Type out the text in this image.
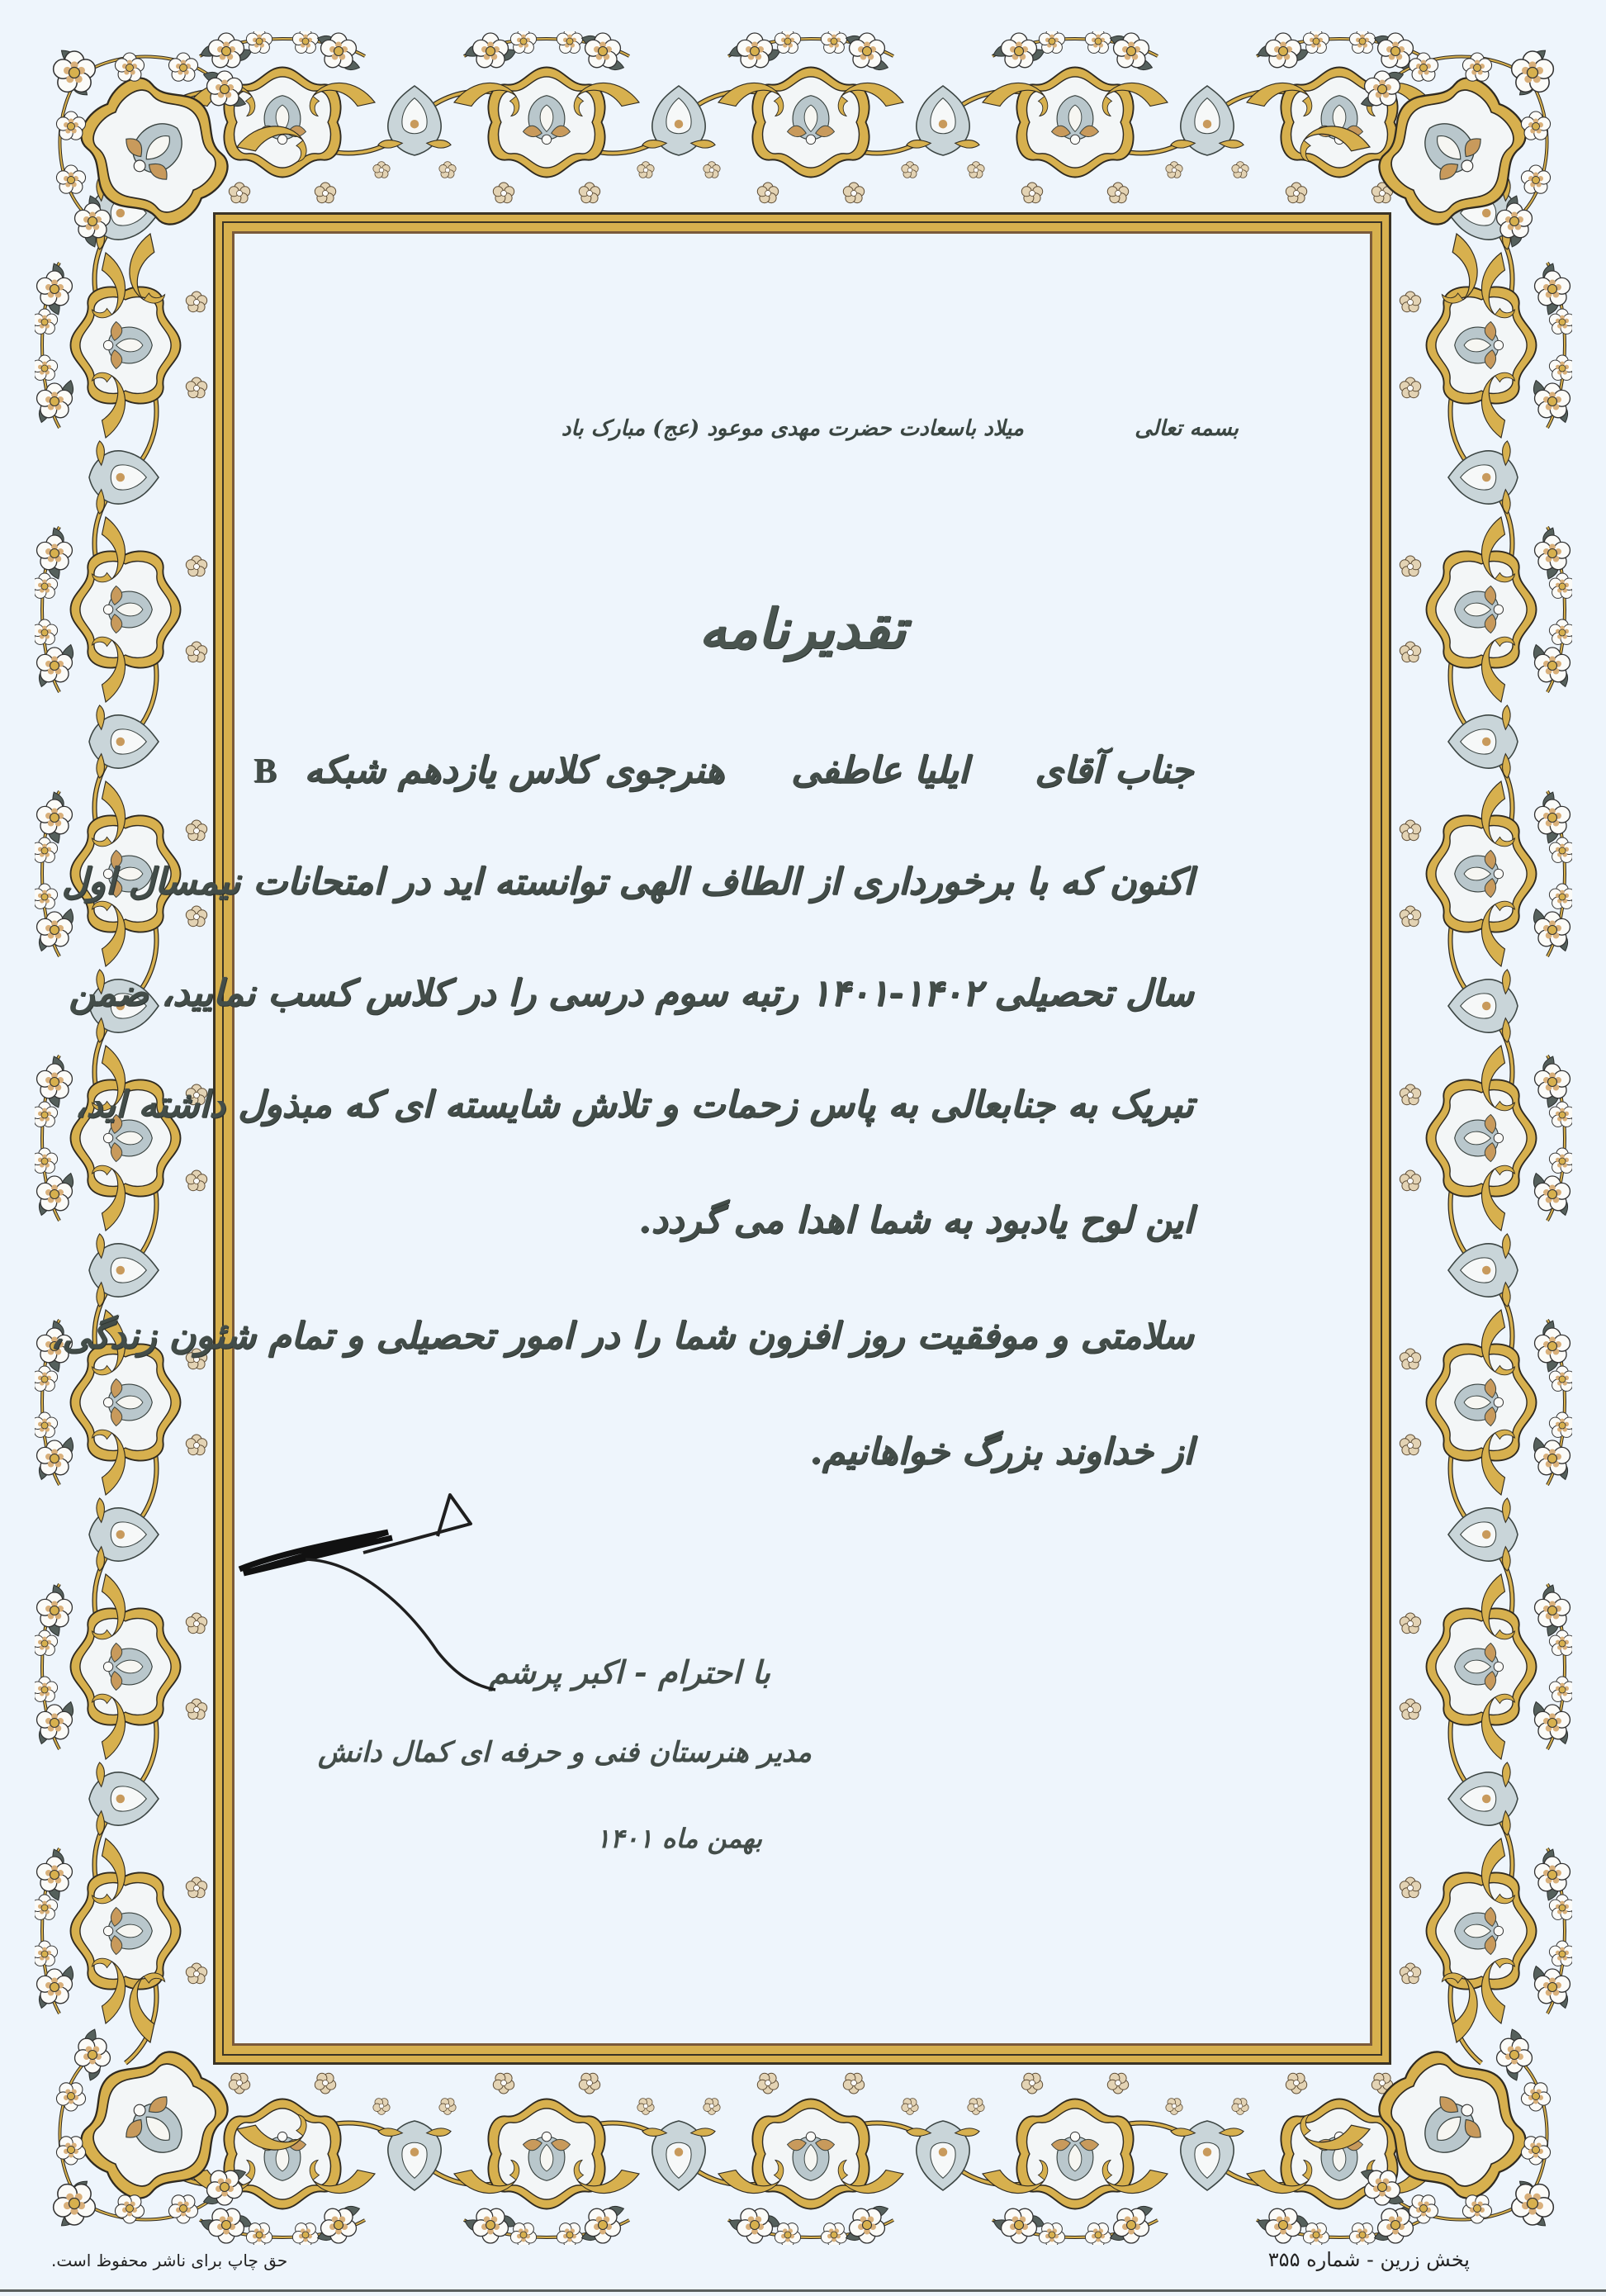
بسمه تعالی
میلاد باسعادت حضرت مهدی موعود (عج) مبارک باد
تقدیرنامه
جناب آقای  ایلیا عاطفی  هنرجوی کلاس یازدهم شبکه B
اکنون که با برخورداری از الطاف الهی توانسته اید در امتحانات نیمسال اول
سال تحصیلی ۱۴۰۲-۱۴۰۱ رتبه سوم درسی را در کلاس کسب نمایید، ضمن
تبریک به جنابعالی به پاس زحمات و تلاش شایسته ای که مبذول داشته اید،
این لوح یادبود به شما اهدا می گردد.
سلامتی و موفقیت روز افزون شما را در امور تحصیلی و تمام شئون زندگی،
از خداوند بزرگ خواهانیم.
با احترام - اکبر پرشم
مدیر هنرستان فنی و حرفه ای کمال دانش
بهمن ماه ۱۴۰۱
حق چاپ برای ناشر محفوظ است.	پخش زرین - شماره ۳۵۵
